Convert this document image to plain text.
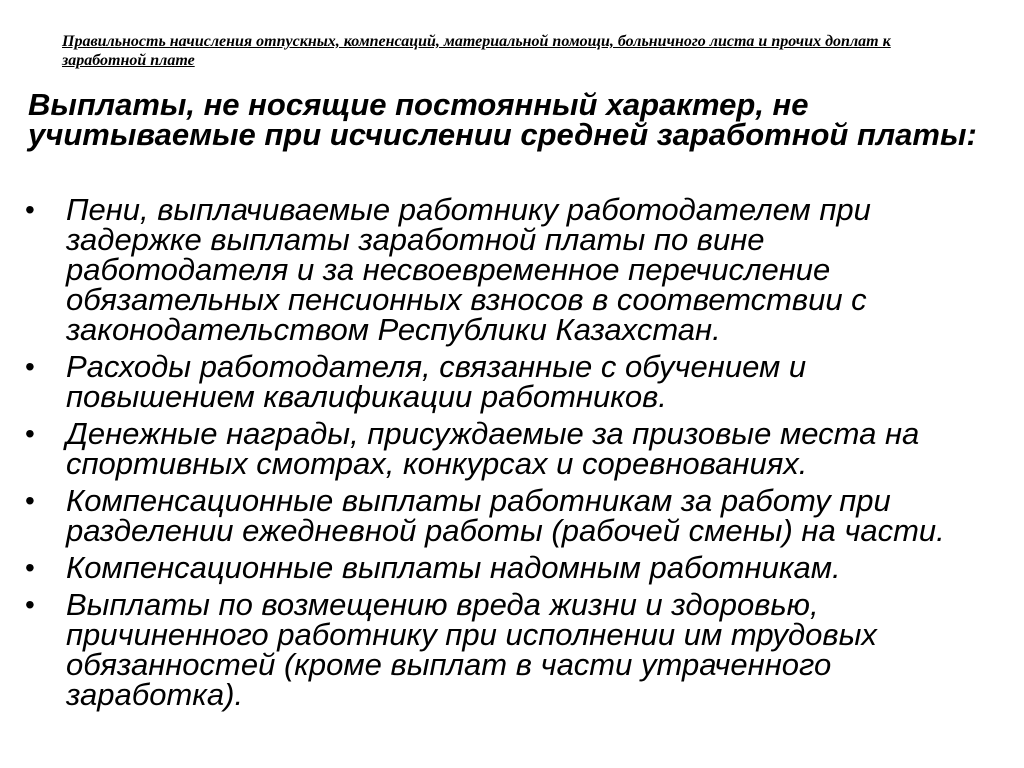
Правильность начисления отпускных, компенсаций, материальной помощи, больничного листа и прочих доплат к
заработной плате
Выплаты, не носящие постоянный характер, не
учитываемые при исчислении средней заработной платы:
• Пени, выплачиваемые работнику работодателем при
задержке выплаты заработной платы по вине
работодателя и за несвоевременное перечисление
обязательных пенсионных взносов в соответствии с
законодательством Республики Казахстан.
• Расходы работодателя, связанные с обучением и
повышением квалификации работников.
• Денежные награды, присуждаемые за призовые места на
спортивных смотрах, конкурсах и соревнованиях.
• Компенсационные выплаты работникам за работу при
разделении ежедневной работы (рабочей смены) на части.
• Компенсационные выплаты надомным работникам.
• Выплаты по возмещению вреда жизни и здоровью,
причиненного работнику при исполнении им трудовых
обязанностей (кроме выплат в части утраченного
заработка).
